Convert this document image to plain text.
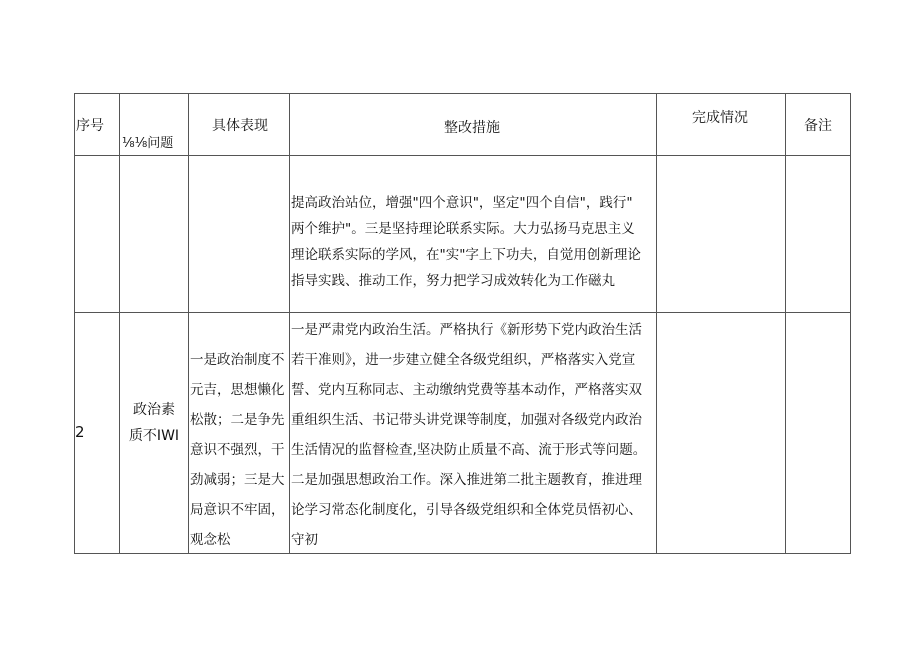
序号
⅛⅛问题
具体表现	整改措施
完成情况	备注
提高政治站位，增强"四个意识"，坚定"四个自信"，践行"
两个维护"。三是坚持理论联系实际。大力弘扬马克思主义
理论联系实际的学风，在"实"字上下功夫，自觉用创新理论
指导实践、推动工作，努力把学习成效转化为工作磁丸
2
政治素
质不IWI
一是政治制度不
元吉，思想懒化
松散；二是争先
意识不强烈，干
劲减弱；三是大
局意识不牢固，
观念松
一是严肃党内政治生活。严格执行《新形势下党内政治生活
若干准则》，进一步建立健全各级党组织，严格落实入党宣
誓、党内互称同志、主动缴纳党费等基本动作，严格落实双
重组织生活、书记带头讲党课等制度，加强对各级党内政治
生活情况的监督检查,坚决防止质量不高、流于形式等问题。
二是加强思想政治工作。深入推进第二批主题教育，推进理
论学习常态化制度化，引导各级党组织和全体党员悟初心、
守初
